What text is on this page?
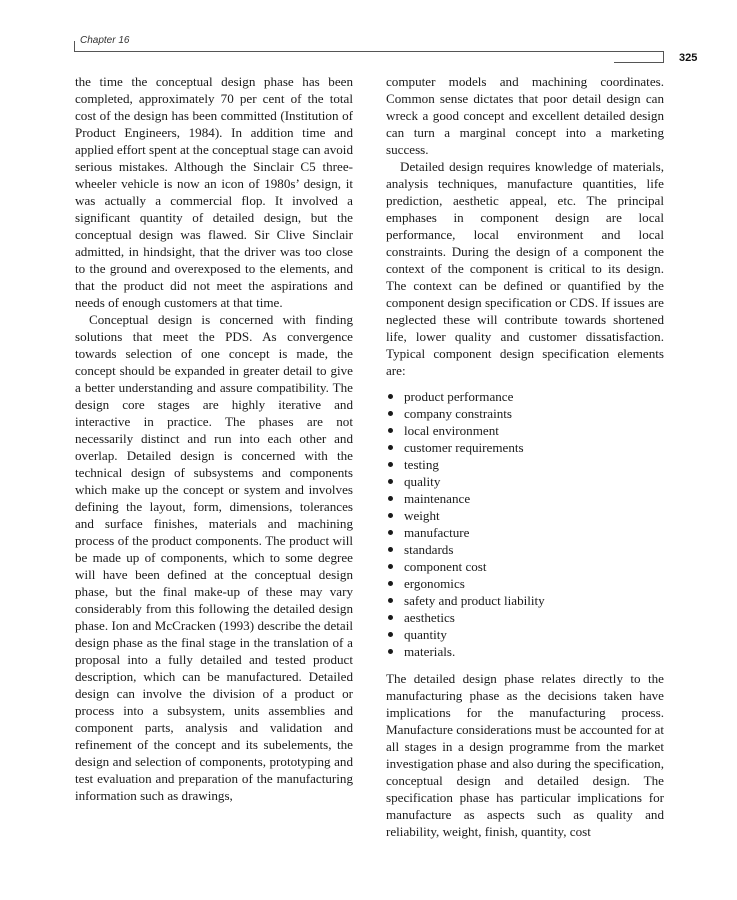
Chapter 16
325

the time the conceptual design phase has been completed, approximately 70 per cent of the total cost of the design has been committed (Institution of Product Engineers, 1984). In addition time and applied effort spent at the conceptual stage can avoid serious mistakes. Although the Sinclair C5 three-wheeler vehicle is now an icon of 1980s’ design, it was actually a commercial flop. It involved a significant quantity of detailed design, but the conceptual design was flawed. Sir Clive Sinclair admitted, in hindsight, that the driver was too close to the ground and overexposed to the elements, and that the product did not meet the aspirations and needs of enough customers at that time.

Conceptual design is concerned with finding solutions that meet the PDS. As convergence towards selection of one concept is made, the concept should be expanded in greater detail to give a better understanding and assure compatibility. The design core stages are highly iterative and interactive in practice. The phases are not necessarily distinct and run into each other and overlap. Detailed design is concerned with the technical design of subsystems and components which make up the concept or system and involves defining the layout, form, dimensions, tolerances and surface finishes, materials and machining process of the product components. The product will be made up of components, which to some degree will have been defined at the conceptual design phase, but the final make-up of these may vary considerably from this following the detailed design phase. Ion and McCracken (1993) describe the detail design phase as the final stage in the translation of a proposal into a fully detailed and tested product description, which can be manufactured. Detailed design can involve the division of a product or process into a subsystem, units assemblies and component parts, analysis and validation and refinement of the concept and its subelements, the design and selection of components, prototyping and test evaluation and preparation of the manufacturing information such as drawings,

computer models and machining coordinates. Common sense dictates that poor detail design can wreck a good concept and excellent detailed design can turn a marginal concept into a marketing success.

Detailed design requires knowledge of materials, analysis techniques, manufacture quantities, life prediction, aesthetic appeal, etc. The principal emphases in component design are local performance, local environment and local constraints. During the design of a component the context of the component is critical to its design. The context can be defined or quantified by the component design specification or CDS. If issues are neglected these will contribute towards shortened life, lower quality and customer dissatisfaction. Typical component design specification elements are:

product performance
company constraints
local environment
customer requirements
testing
quality
maintenance
weight
manufacture
standards
component cost
ergonomics
safety and product liability
aesthetics
quantity
materials.

The detailed design phase relates directly to the manufacturing phase as the decisions taken have implications for the manufacturing process. Manufacture considerations must be accounted for at all stages in a design programme from the market investigation phase and also during the specification, conceptual design and detailed design. The specification phase has particular implications for manufacture as aspects such as quality and reliability, weight, finish, quantity, cost
